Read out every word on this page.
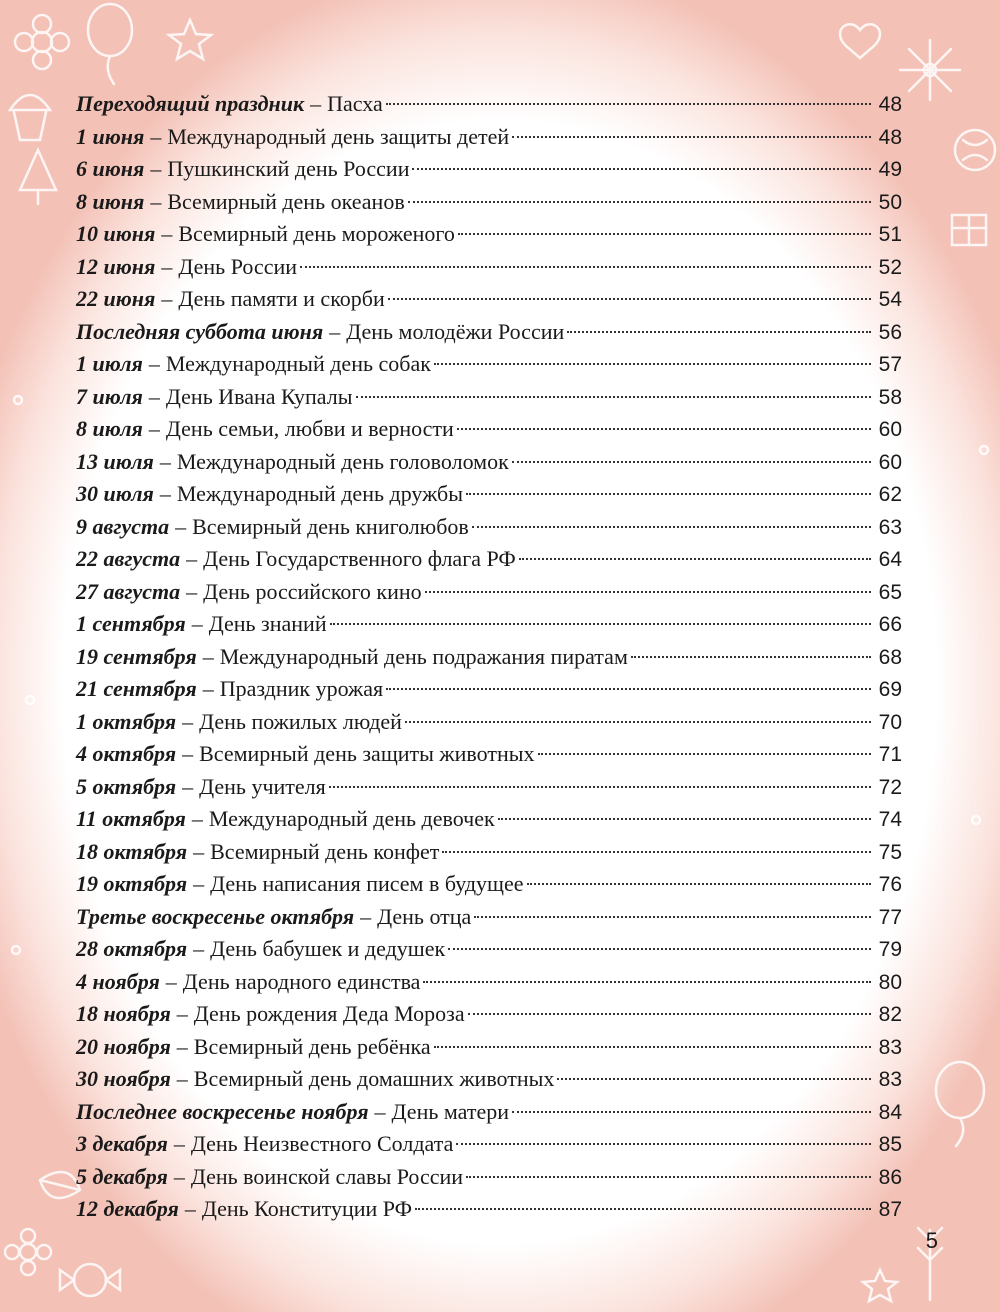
Переходящий праздник – Пасха	48
1 июня – Международный день защиты детей	48
6 июня – Пушкинский день России	49
8 июня – Всемирный день океанов	50
10 июня – Всемирный день мороженого	51
12 июня – День России	52
22 июня – День памяти и скорби	54
Последняя суббота июня – День молодёжи России	56
1 июля – Международный день собак	57
7 июля – День Ивана Купалы	58
8 июля – День семьи, любви и верности	60
13 июля – Международный день головоломок	60
30 июля – Международный день дружбы	62
9 августа – Всемирный день книголюбов	63
22 августа – День Государственного флага РФ	64
27 августа – День российского кино	65
1 сентября – День знаний	66
19 сентября – Международный день подражания пиратам	68
21 сентября – Праздник урожая	69
1 октября – День пожилых людей	70
4 октября – Всемирный день защиты животных	71
5 октября – День учителя	72
11 октября – Международный день девочек	74
18 октября – Всемирный день конфет	75
19 октября – День написания писем в будущее	76
Третье воскресенье октября – День отца	77
28 октября – День бабушек и дедушек	79
4 ноября – День народного единства	80
18 ноября – День рождения Деда Мороза	82
20 ноября – Всемирный день ребёнка	83
30 ноября – Всемирный день домашних животных	83
Последнее воскресенье ноября – День матери	84
3 декабря – День Неизвестного Солдата	85
5 декабря – День воинской славы России	86
12 декабря – День Конституции РФ	87
5
